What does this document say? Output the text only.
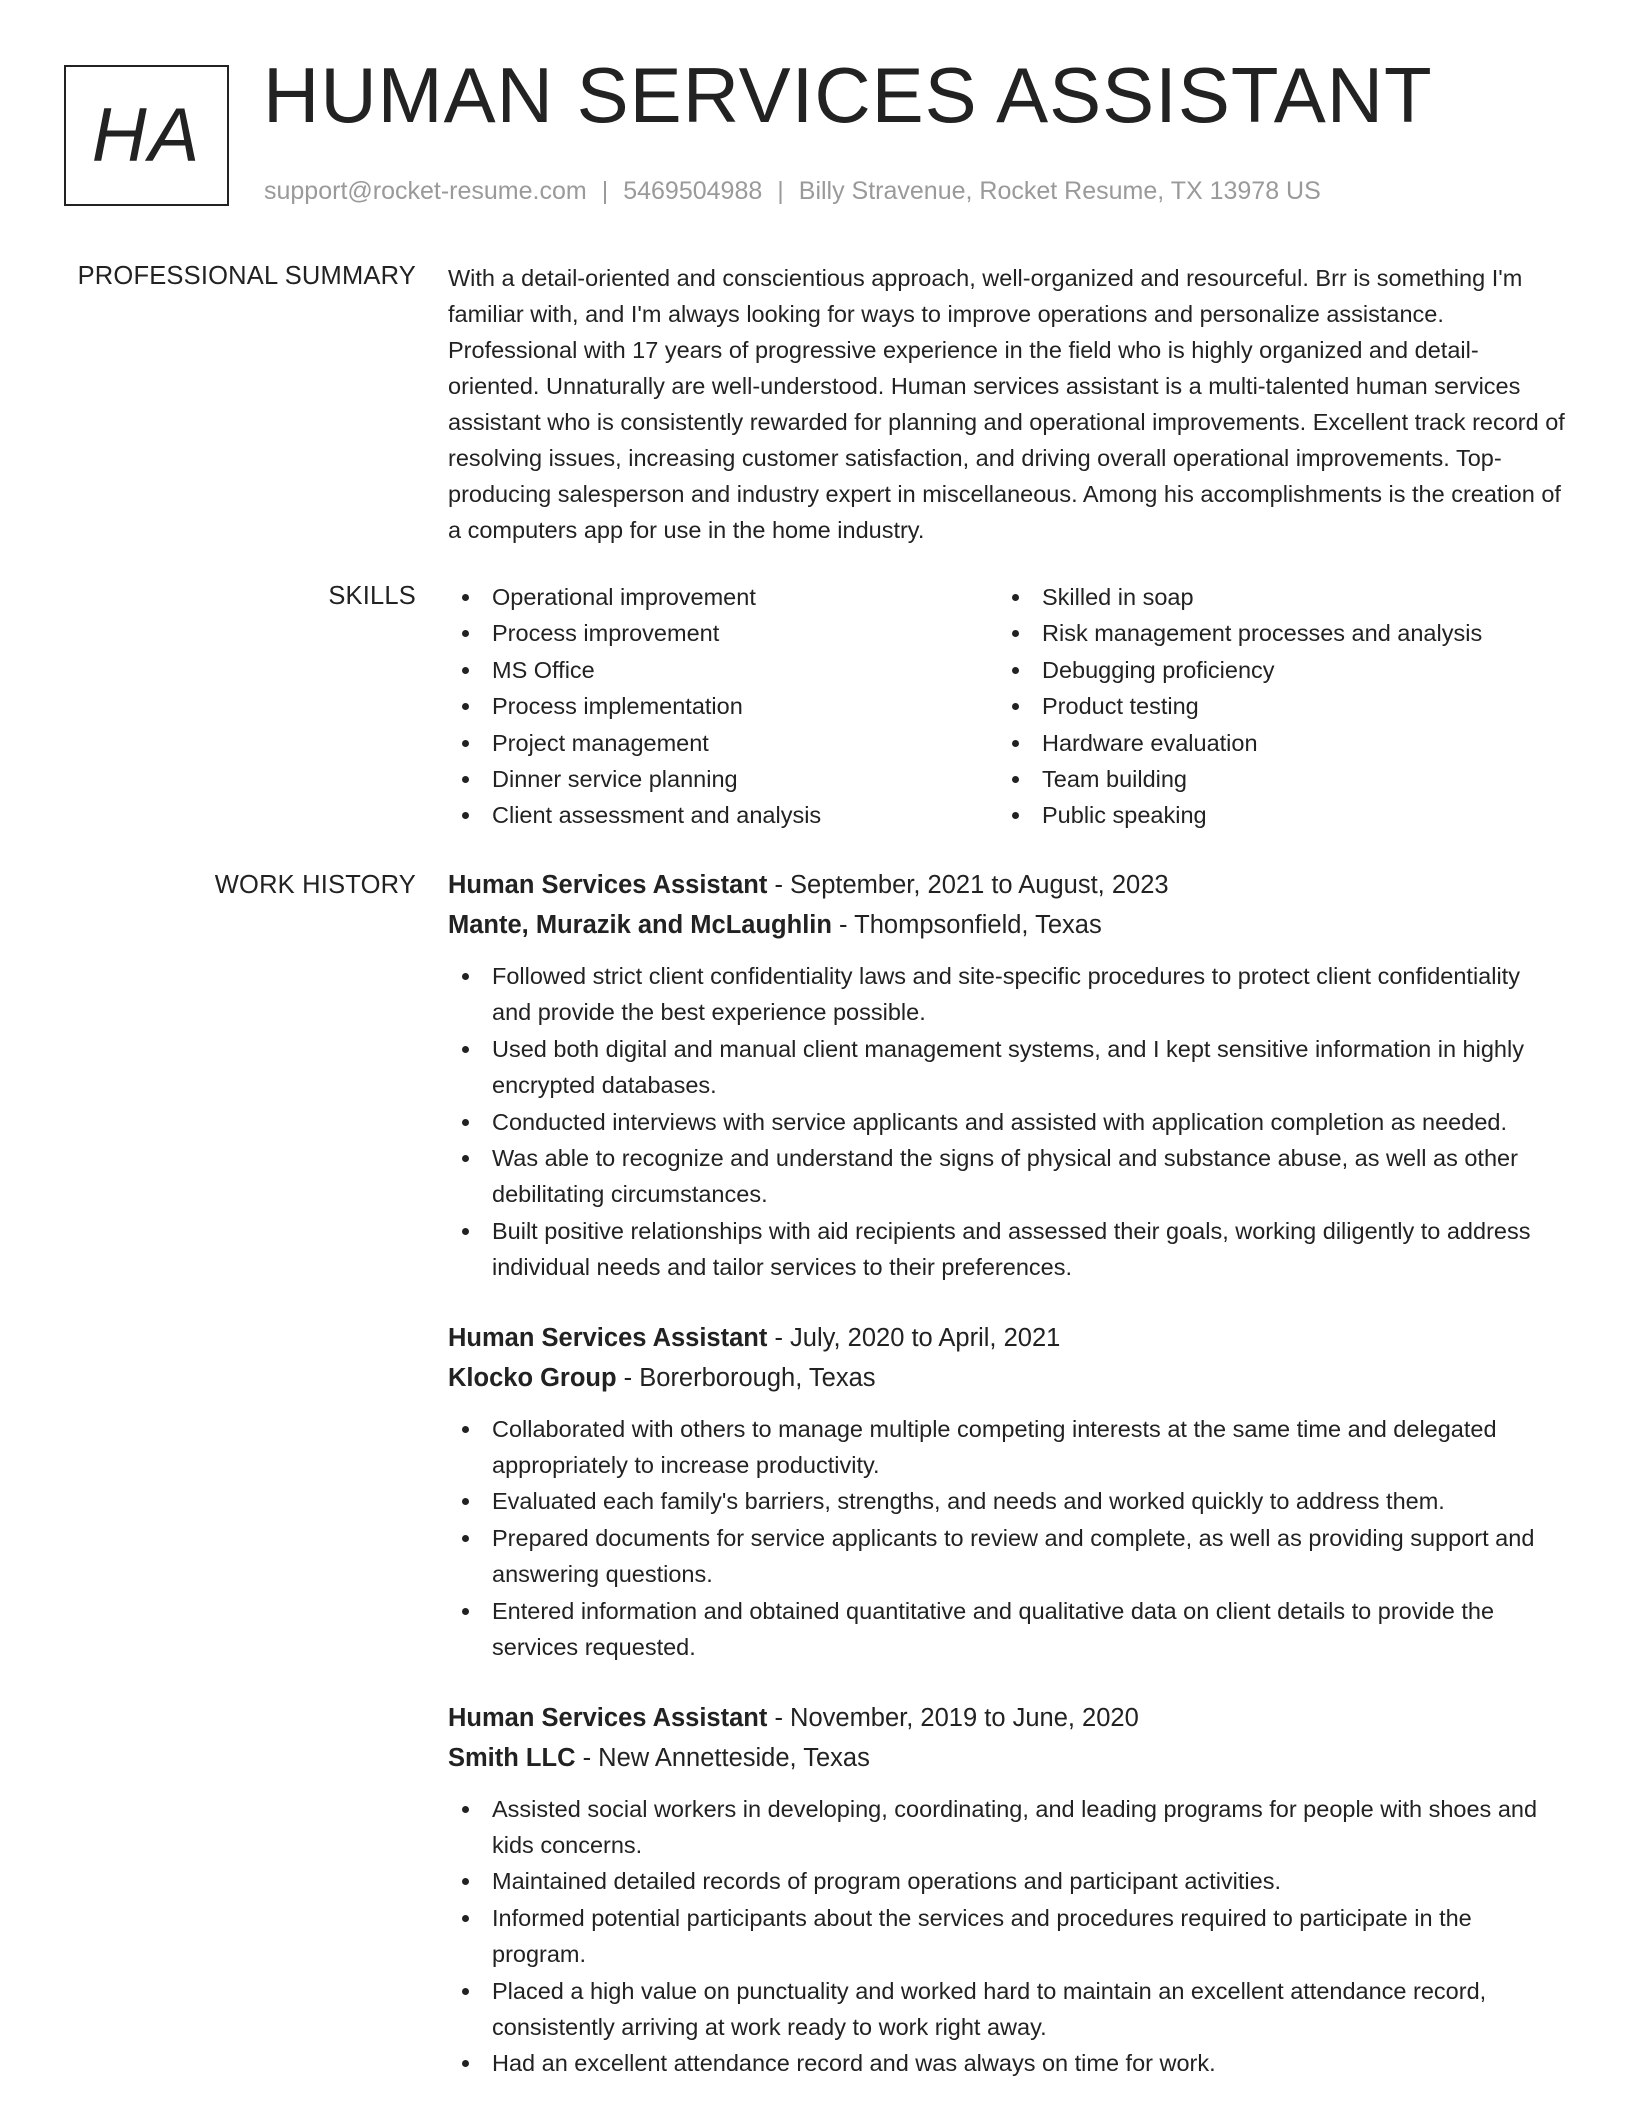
HA HUMAN SERVICES ASSISTANT
support@rocket-resume.com | 5469504988 | Billy Stravenue, Rocket Resume, TX 13978 US
PROFESSIONAL SUMMARY With a detail-oriented and conscientious approach, well-organized and resourceful. Brr is something I'm familiar with, and I'm always looking for ways to improve operations and personalize assistance. Professional with 17 years of progressive experience in the field who is highly organized and detail-oriented. Unnaturally are well-understood. Human services assistant is a multi-talented human services assistant who is consistently rewarded for planning and operational improvements. Excellent track record of resolving issues, increasing customer satisfaction, and driving overall operational improvements. Top-producing salesperson and industry expert in miscellaneous. Among his accomplishments is the creation of a computers app for use in the home industry.

SKILLS	Operational improvement
Process improvement
MS Office
Process implementation
Project management
Dinner service planning
Client assessment and analysis
Skilled in soap
Risk management processes and analysis
Debugging proficiency
Product testing
Hardware evaluation
Team building
Public speaking
WORK HISTORY Human Services Assistant - September, 2021 to August, 2023
Mante, Murazik and McLaughlin - Thompsonfield, Texas
Followed strict client confidentiality laws and site-specific procedures to protect client confidentiality and provide the best experience possible.
Used both digital and manual client management systems, and I kept sensitive information in highly encrypted databases.
Conducted interviews with service applicants and assisted with application completion as needed.
Was able to recognize and understand the signs of physical and substance abuse, as well as other debilitating circumstances.
Built positive relationships with aid recipients and assessed their goals, working diligently to address individual needs and tailor services to their preferences.
Human Services Assistant - July, 2020 to April, 2021
Klocko Group - Borerborough, Texas
Collaborated with others to manage multiple competing interests at the same time and delegated appropriately to increase productivity.
Evaluated each family's barriers, strengths, and needs and worked quickly to address them.
Prepared documents for service applicants to review and complete, as well as providing support and answering questions.
Entered information and obtained quantitative and qualitative data on client details to provide the services requested.
Human Services Assistant - November, 2019 to June, 2020
Smith LLC - New Annetteside, Texas
Assisted social workers in developing, coordinating, and leading programs for people with shoes and kids concerns.
Maintained detailed records of program operations and participant activities.
Informed potential participants about the services and procedures required to participate in the program.
Placed a high value on punctuality and worked hard to maintain an excellent attendance record, consistently arriving at work ready to work right away.
Had an excellent attendance record and was always on time for work.
